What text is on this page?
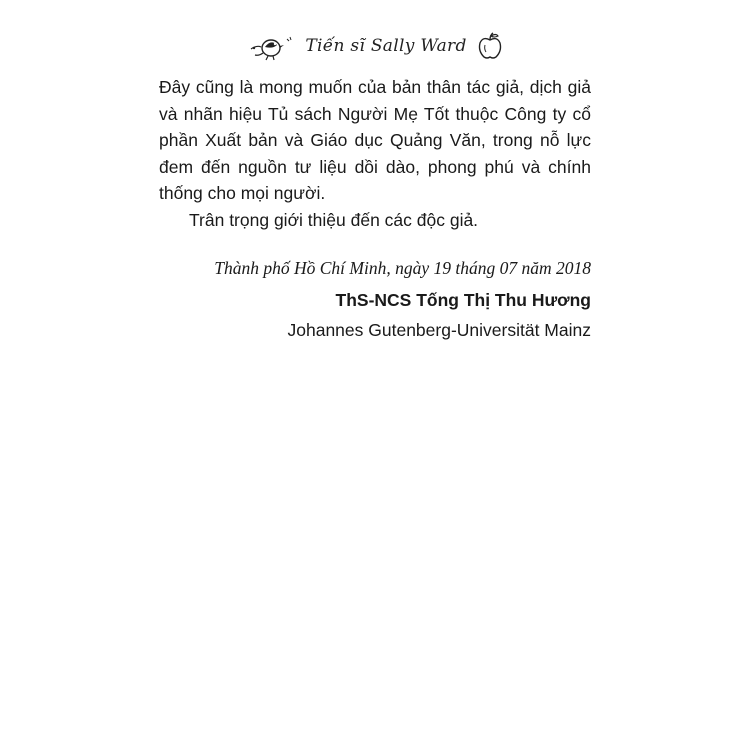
Tiến sĩ Sally Ward

Đây cũng là mong muốn của bản thân tác giả, dịch giả và nhãn hiệu Tủ sách Người Mẹ Tốt thuộc Công ty cổ phần Xuất bản và Giáo dục Quảng Văn, trong nỗ lực đem đến nguồn tư liệu dồi dào, phong phú và chính thống cho mọi người.

Trân trọng giới thiệu đến các độc giả.

Thành phố Hồ Chí Minh, ngày 19 tháng 07 năm 2018
ThS-NCS Tống Thị Thu Hương
Johannes Gutenberg-Universität Mainz
